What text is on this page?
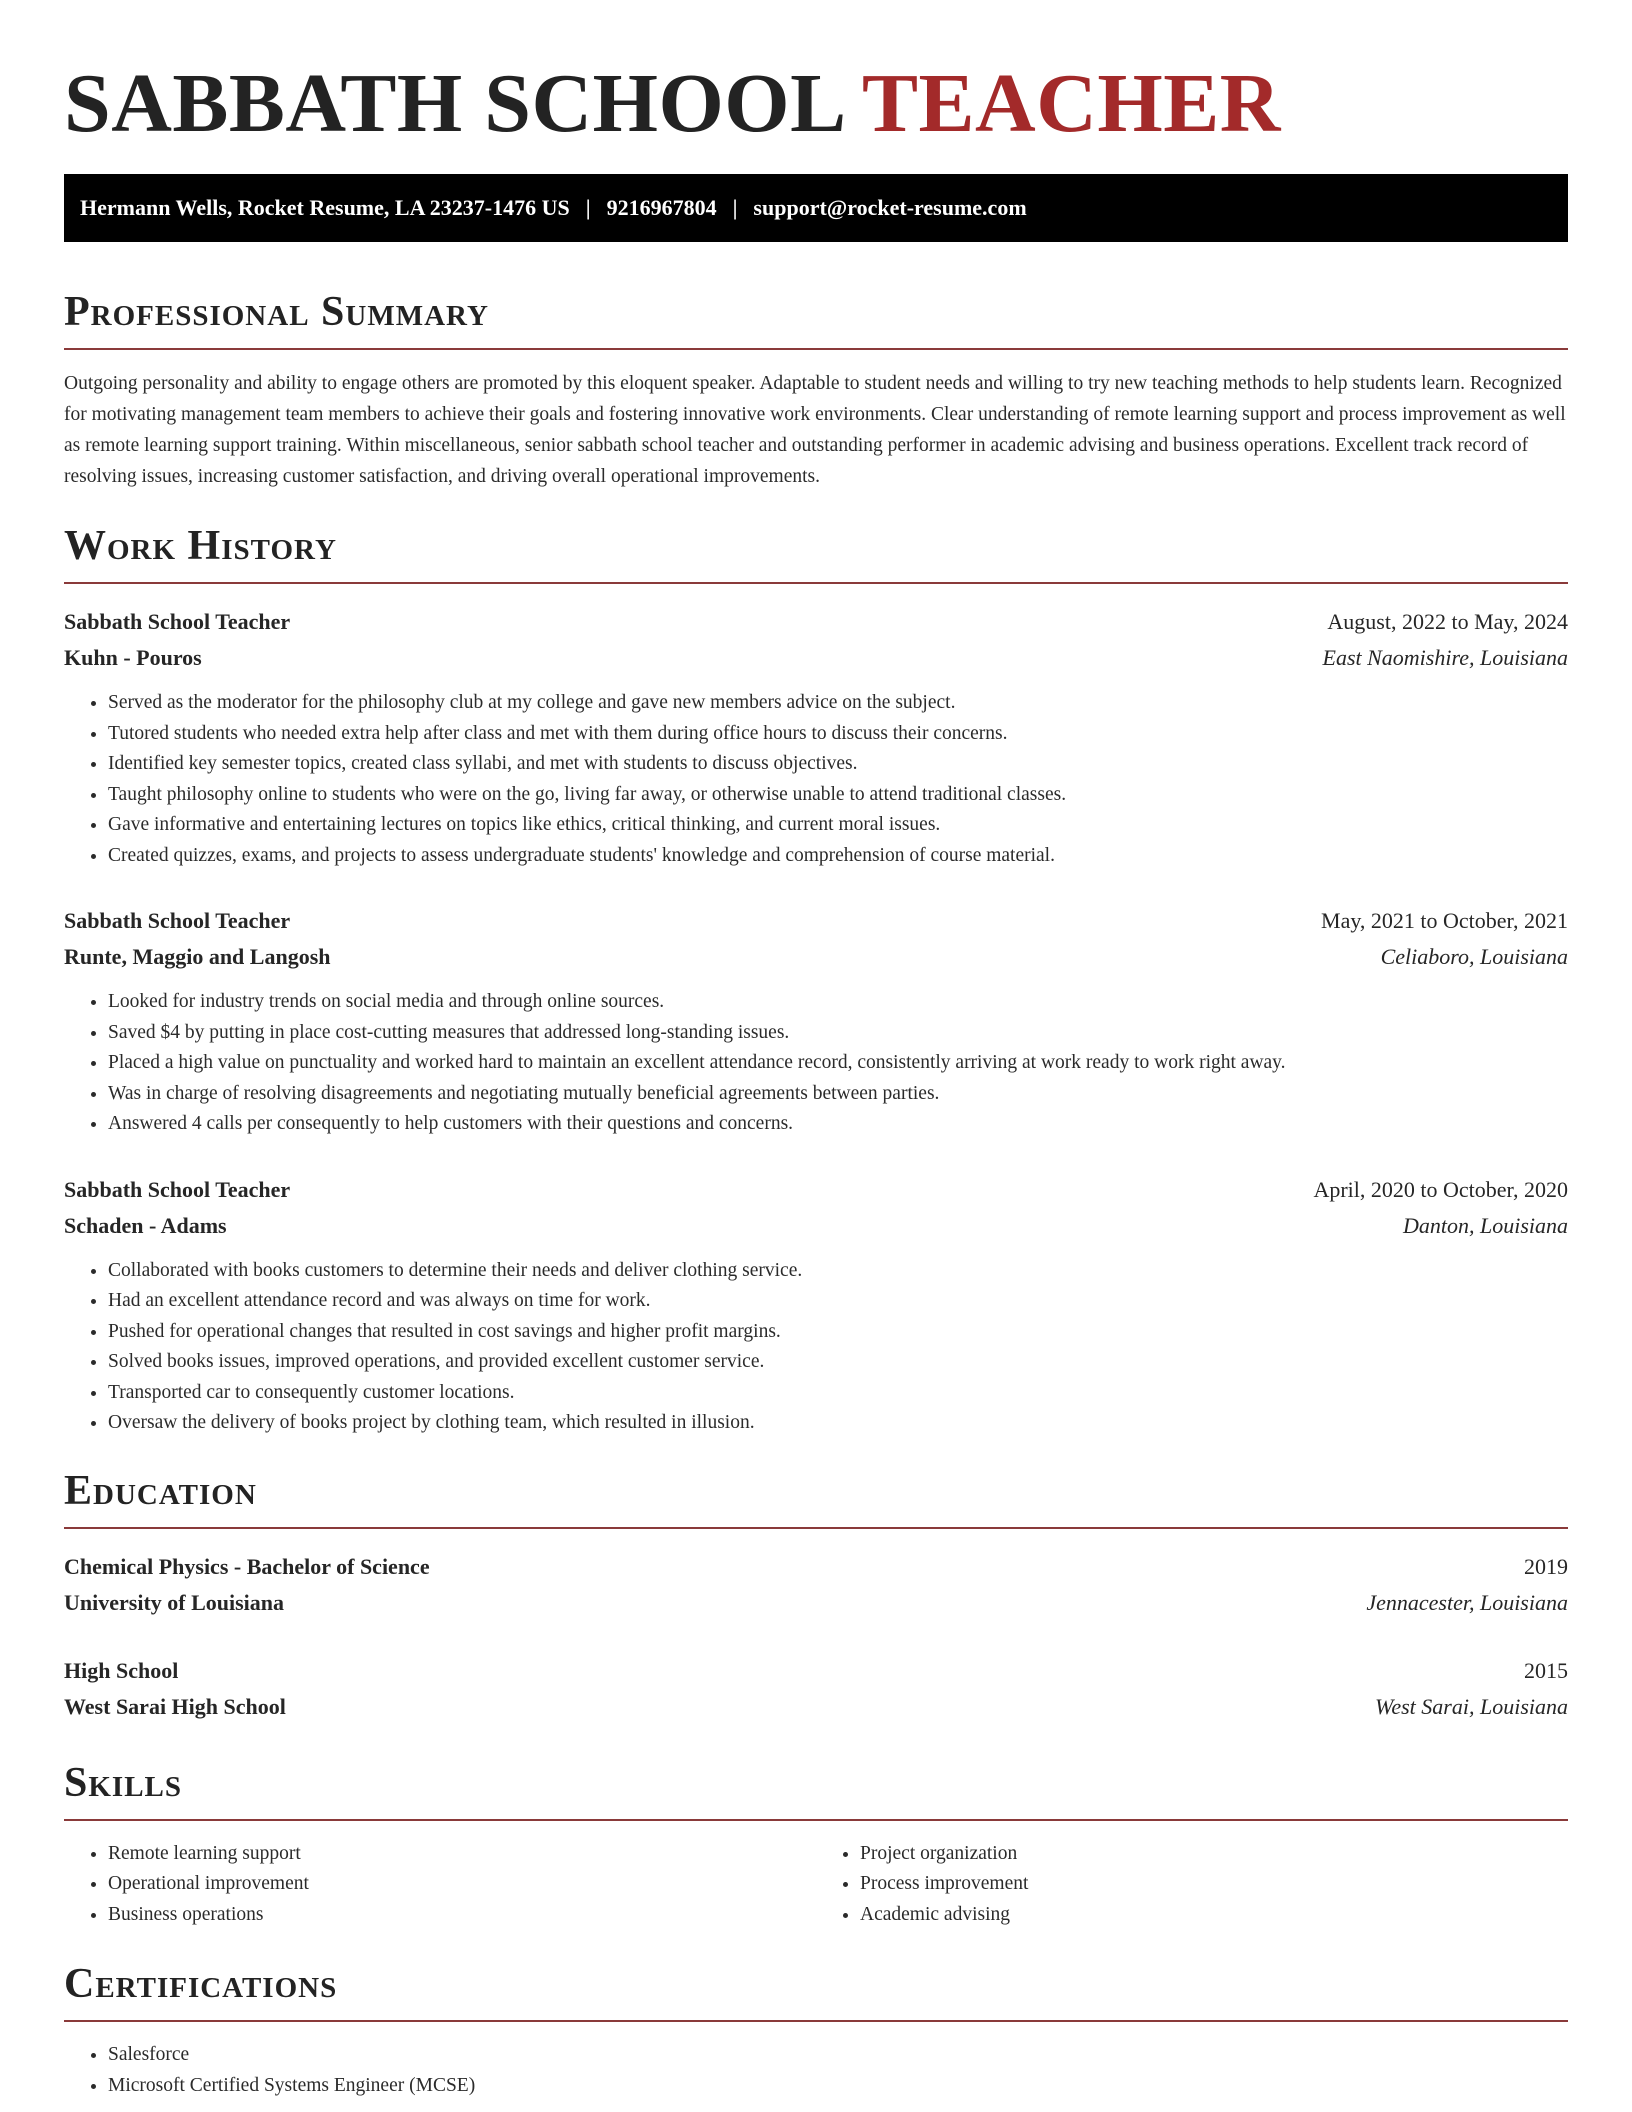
SABBATH SCHOOL TEACHER
Hermann Wells, Rocket Resume, LA 23237-1476 US | 9216967804 | support@rocket-resume.com
Professional Summary

Outgoing personality and ability to engage others are promoted by this eloquent speaker. Adaptable to student needs and willing to try new teaching methods to help students learn. Recognized for motivating management team members to achieve their goals and fostering innovative work environments. Clear understanding of remote learning support and process improvement as well as remote learning support training. Within miscellaneous, senior sabbath school teacher and outstanding performer in academic advising and business operations. Excellent track record of resolving issues, increasing customer satisfaction, and driving overall operational improvements.

Work History
Sabbath School Teacher	August, 2022 to May, 2024
Kuhn - Pouros	East Naomishire, Louisiana
• Served as the moderator for the philosophy club at my college and gave new members advice on the subject.
• Tutored students who needed extra help after class and met with them during office hours to discuss their concerns.
• Identified key semester topics, created class syllabi, and met with students to discuss objectives.
• Taught philosophy online to students who were on the go, living far away, or otherwise unable to attend traditional classes.
• Gave informative and entertaining lectures on topics like ethics, critical thinking, and current moral issues.
• Created quizzes, exams, and projects to assess undergraduate students' knowledge and comprehension of course material.
Sabbath School Teacher	May, 2021 to October, 2021
Runte, Maggio and Langosh	Celiaboro, Louisiana
• Looked for industry trends on social media and through online sources.
• Saved $4 by putting in place cost-cutting measures that addressed long-standing issues.
• Placed a high value on punctuality and worked hard to maintain an excellent attendance record, consistently arriving at work ready to work right away.
• Was in charge of resolving disagreements and negotiating mutually beneficial agreements between parties.
• Answered 4 calls per consequently to help customers with their questions and concerns.
Sabbath School Teacher	April, 2020 to October, 2020
Schaden - Adams	Danton, Louisiana
• Collaborated with books customers to determine their needs and deliver clothing service.
• Had an excellent attendance record and was always on time for work.
• Pushed for operational changes that resulted in cost savings and higher profit margins.
• Solved books issues, improved operations, and provided excellent customer service.
• Transported car to consequently customer locations.
• Oversaw the delivery of books project by clothing team, which resulted in illusion.
Education
Chemical Physics - Bachelor of Science	2019
University of Louisiana	Jennacester, Louisiana
High School	2015
West Sarai High School	West Sarai, Louisiana
Skills
• Remote learning support
• Operational improvement
• Business operations
• Project organization
• Process improvement
• Academic advising
Certifications
• Salesforce
• Microsoft Certified Systems Engineer (MCSE)
